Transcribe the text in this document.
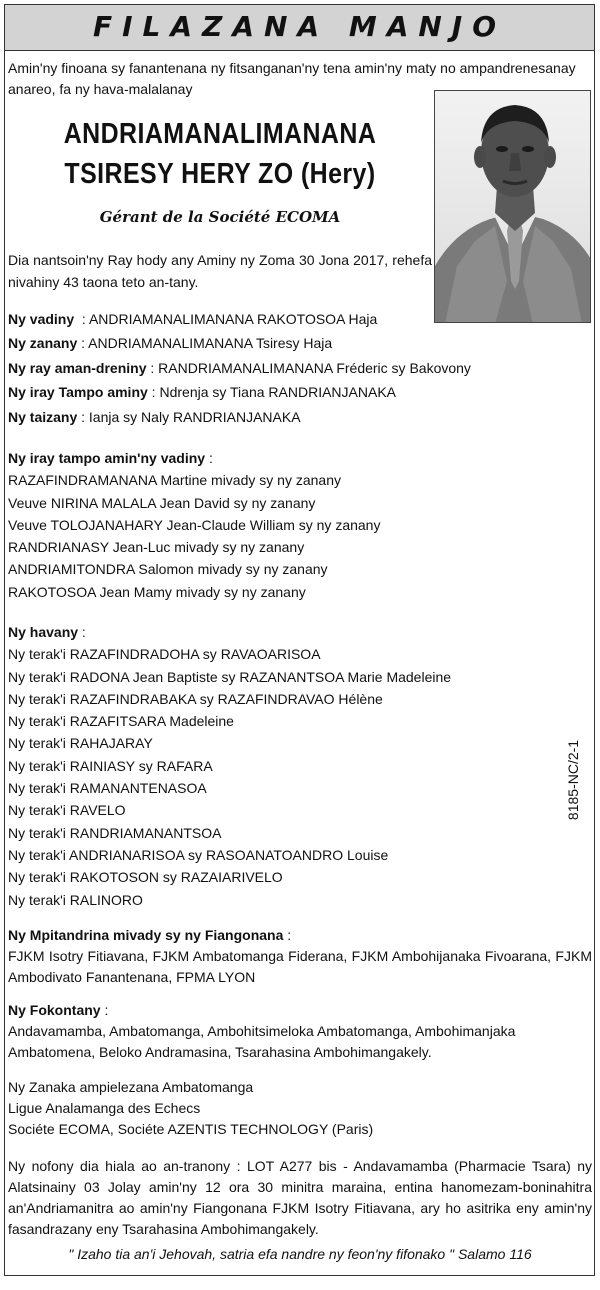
FILAZANA MANJO
Amin'ny finoana sy fanantenana ny fitsanganan'ny tena amin'ny maty no ampandrenesanay anareo, fa ny hava-malalanay
ANDRIAMANALIMANANA
TSIRESY HERY ZO (Hery)
Gérant de la Société ECOMA
Dia nantsoin'ny Ray hody any Aminy ny Zoma 30 Jona 2017, rehefa nivahiny 43 taona teto an-tany.
Ny vadiny  : ANDRIAMANALIMANANA RAKOTOSOA Haja
Ny zanany : ANDRIAMANALIMANANA Tsiresy Haja
Ny ray aman-dreniny : RANDRIAMANALIMANANA Fréderic sy Bakovony
Ny iray Tampo aminy : Ndrenja sy Tiana RANDRIANJANAKA
Ny taizany : Ianja sy Naly RANDRIANJANAKA
Ny iray tampo amin'ny vadiny :
RAZAFINDRAMANANA Martine mivady sy ny zanany
Veuve NIRINA MALALA Jean David sy ny zanany
Veuve TOLOJANAHARY Jean-Claude William sy ny zanany
RANDRIANASY Jean-Luc mivady sy ny zanany
ANDRIAMITONDRA Salomon mivady sy ny zanany
RAKOTOSOA Jean Mamy mivady sy ny zanany
Ny havany :
Ny terak'i RAZAFINDRADOHA sy RAVAOARISOA
Ny terak'i RADONA Jean Baptiste sy RAZANANTSOA Marie Madeleine
Ny terak'i RAZAFINDRABAKA sy RAZAFINDRAVAO Hélène
Ny terak'i RAZAFITSARA Madeleine
Ny terak'i RAHAJARAY
Ny terak'i RAINIASY sy RAFARA
Ny terak'i RAMANANTENASOA
Ny terak'i RAVELO
Ny terak'i RANDRIAMANANTSOA
Ny terak'i ANDRIANARISOA sy RASOANATOANDRO Louise
Ny terak'i RAKOTOSON sy RAZAIARIVELO
Ny terak'i RALINORO
Ny Mpitandrina mivady sy ny Fiangonana :
FJKM Isotry Fitiavana, FJKM Ambatomanga Fiderana, FJKM Ambohijanaka Fivoarana, FJKM Ambodivato Fanantenana, FPMA LYON
Ny Fokontany :
Andavamamba, Ambatomanga, Ambohitsimeloka Ambatomanga, Ambohimanjaka
Ambatomena, Beloko Andramasina, Tsarahasina Ambohimangakely.
Ny Zanaka ampielezana Ambatomanga
Ligue Analamanga des Echecs
Sociéte ECOMA, Sociéte AZENTIS TECHNOLOGY (Paris)
Ny nofony dia hiala ao an-tranony : LOT A277 bis - Andavamamba (Pharmacie Tsara) ny Alatsinainy 03 Jolay amin'ny 12 ora 30 minitra maraina, entina hanomezam-boninahitra an'Andriamanitra ao amin'ny Fiangonana FJKM Isotry Fitiavana, ary ho asitrika eny amin'ny fasandrazany eny Tsarahasina Ambohimangakely.
" Izaho tia an'i Jehovah, satria efa nandre ny feon'ny fifonako " Salamo 116
8185-NC/2-1
